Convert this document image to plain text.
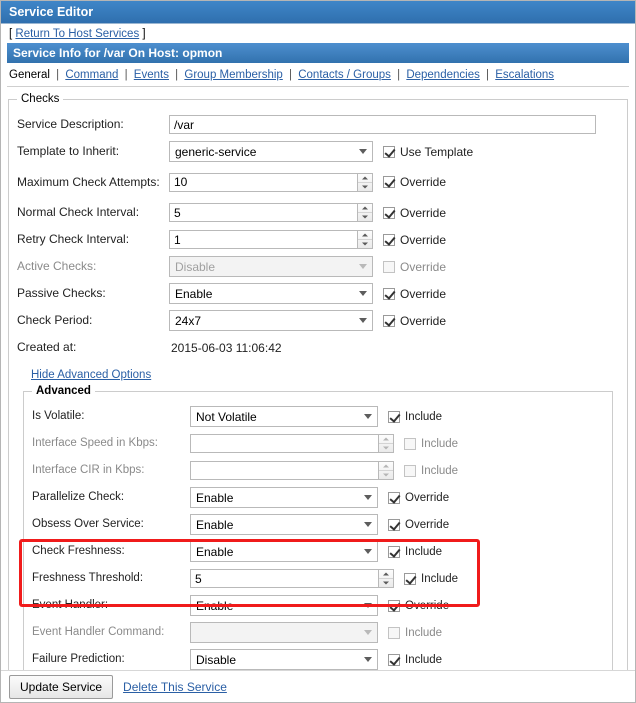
Service Editor
[ Return To Host Services ]
Service Info for /var On Host: opmon
General | Command | Events | Group Membership | Contacts / Groups | Dependencies | Escalations
Checks
Service Description:
/var
Template to Inherit:	generic-service	Use Template
Maximum Check Attempts:
10	Override
Normal Check Interval:
5	Override
Retry Check Interval:
1	Override
Active Checks:	Disable	Override
Passive Checks:	Enable	Override
Check Period:	24x7	Override
Created at:	2015-06-03 11:06:42
Hide Advanced Options
Advanced
Is Volatile:	Not Volatile	Include
Interface Speed in Kbps:	Include
Interface CIR in Kbps:	Include
Parallelize Check:	Enable	Override
Obsess Over Service:	Enable	Override
Check Freshness:	Enable	Include
Freshness Threshold:
5	Include
Event Handler:	Enable	Override
Event Handler Command:	Include
Failure Prediction:	Disable	Include
Update Service	Delete This Service
